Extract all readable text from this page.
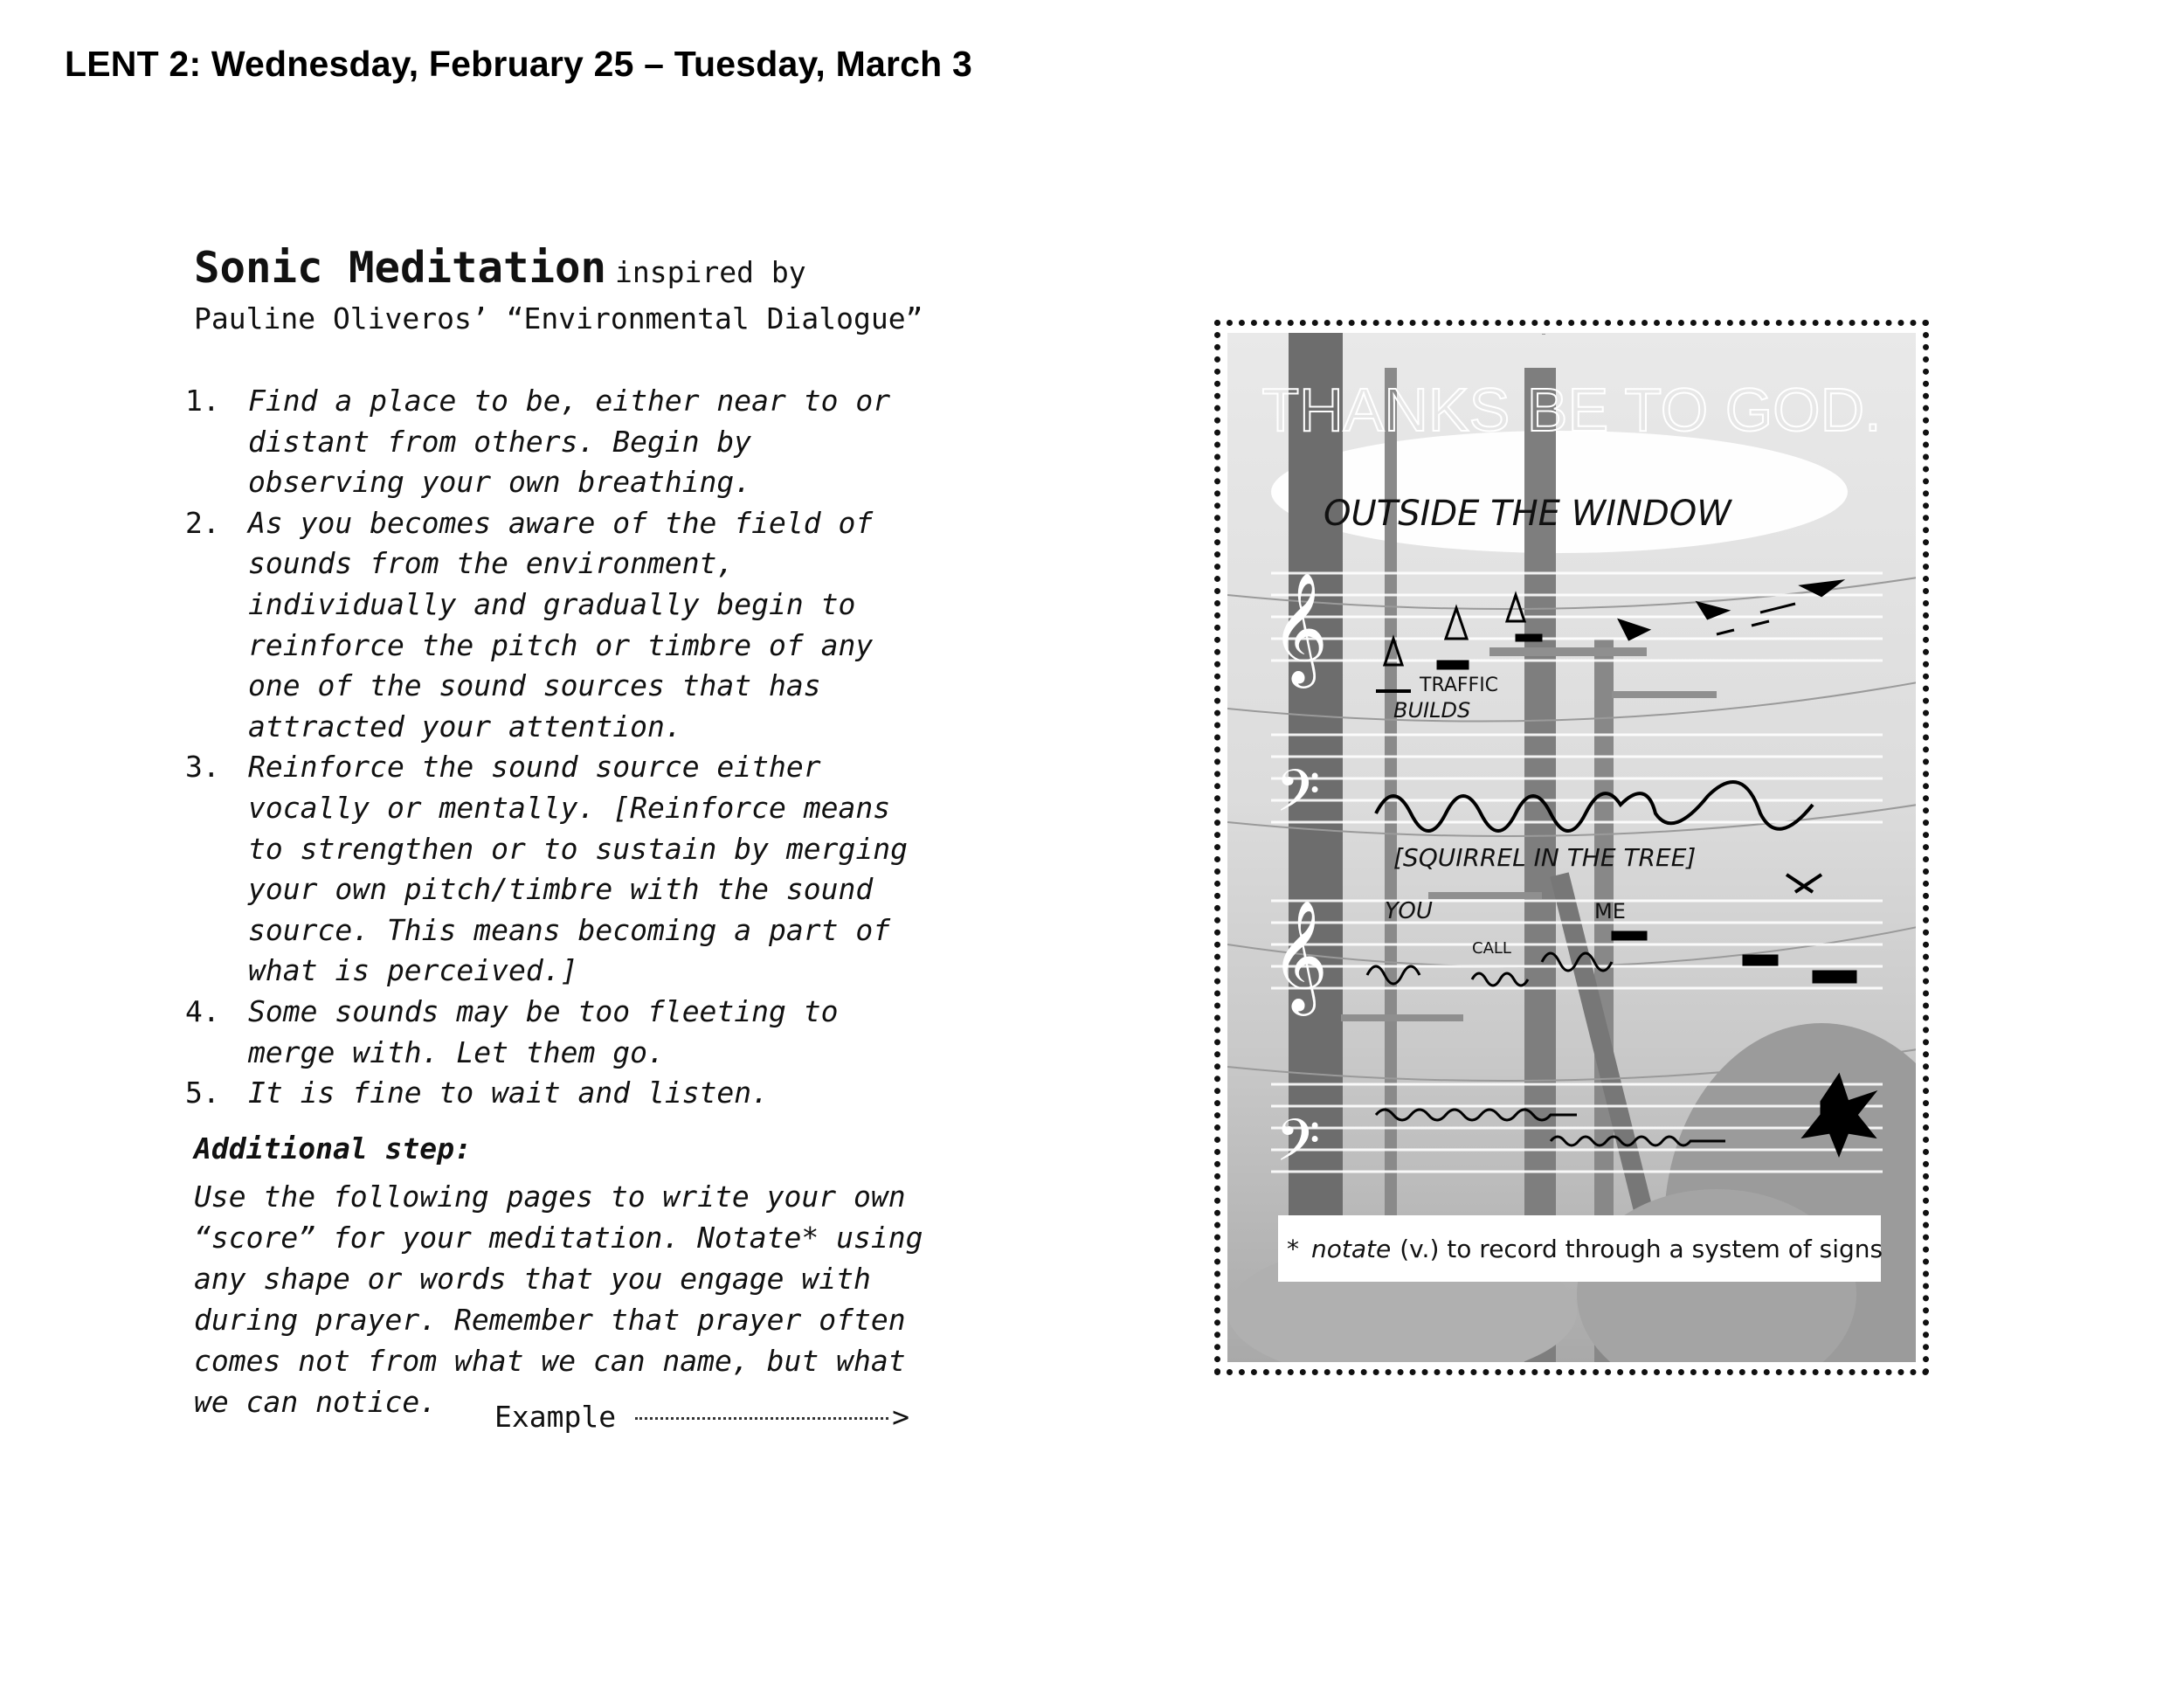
LENT 2: Wednesday, February 25 – Tuesday, March 3
Sonic Meditation inspired by
Pauline Oliveros’ “Environmental Dialogue”
1. Find a place to be, either near to or
distant from others. Begin by
observing your own breathing.
2. As you becomes aware of the field of
sounds from the environment,
individually and gradually begin to
reinforce the pitch or timbre of any
one of the sound sources that has
attracted your attention.
3. Reinforce the sound source either
vocally or mentally. [Reinforce means
to strengthen or to sustain by merging
your own pitch/timbre with the sound
source. This means becoming a part of
what is perceived.]
4. Some sounds may be too fleeting to
merge with. Let them go.
5. It is fine to wait and listen.
Additional step:
Use the following pages to write your own
“score” for your meditation. Notate* using
any shape or words that you engage with
during prayer. Remember that prayer often
comes not from what we can name, but what
we can notice.	Example	>
𝄞
𝄢
𝄞
𝄢
OUTSIDE THE WINDOW
TRAFFIC
BUILDS
[SQUIRREL IN THE TREE]
YOU
CALL
ME
THANKS BE TO GOD.
* notate (v.)
to record through a system of signs
